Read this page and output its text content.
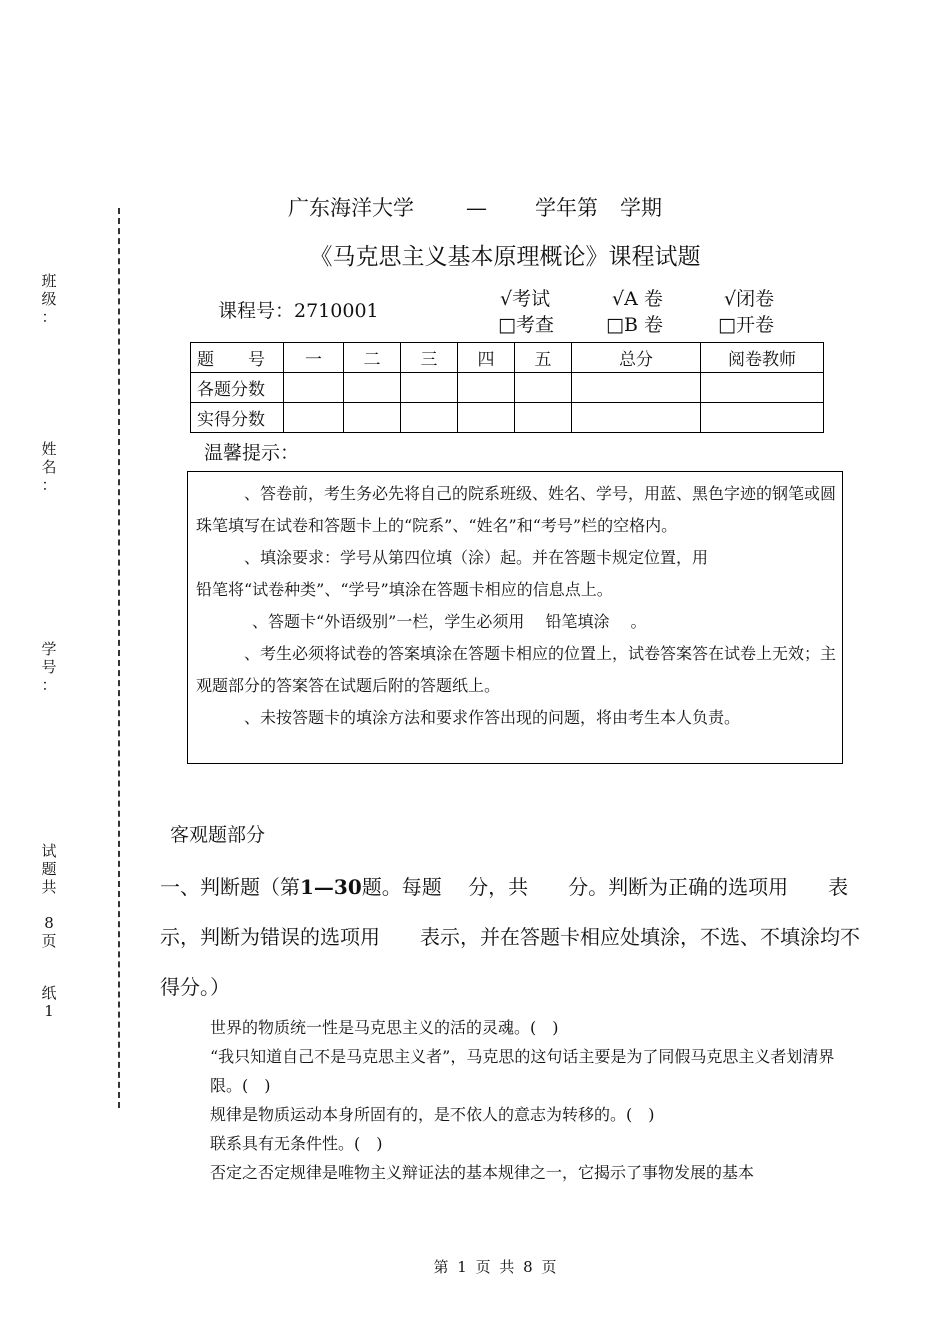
班
级
：

姓
名
：

学
号
：

试
题
共

8
页
纸
1
广东海洋大学 — 学年第 学期
《马克思主义基本原理概论》课程试题
课程号：2710001
√考试
□考查
√A 卷
□B 卷
√闭卷
□开卷
题　　号	一	二	三	四	五	总分	阅卷教师
各题分数							
实得分数							
温馨提示：

、答卷前，考生务必先将自己的院系班级、姓名、学号，用蓝、黑色字迹的钢笔或圆珠笔填写在试卷和答题卡上的“院系”、“姓名”和“考号”栏的空格内。

、填涂要求：学号从第四位填（涂）起。并在答题卡规定位置，用

铅笔将“试卷种类”、“学号”填涂在答题卡相应的信息点上。

、答题卡“外语级别”一栏，学生必须用　 铅笔填涂　 。

、考生必须将试卷的答案填涂在答题卡相应的位置上，试卷答案答在试卷上无效；主观题部分的答案答在试题后附的答题纸上。

、未按答题卡的填涂方法和要求作答出现的问题，将由考生本人负责。

客观题部分
一、判断题（第1—30题。每题　 分，共　　分。判断为正确的选项用　　表示，判断为错误的选项用　　表示，并在答题卡相应处填涂，不选、不填涂均不得分。）

世界的物质统一性是马克思主义的活的灵魂。(　)

“我只知道自己不是马克思主义者”，马克思的这句话主要是为了同假马克思主义者划清界限。(　)

规律是物质运动本身所固有的，是不依人的意志为转移的。(　)

联系具有无条件性。(　)

否定之否定规律是唯物主义辩证法的基本规律之一，它揭示了事物发展的基本

第 1 页 共 8 页
